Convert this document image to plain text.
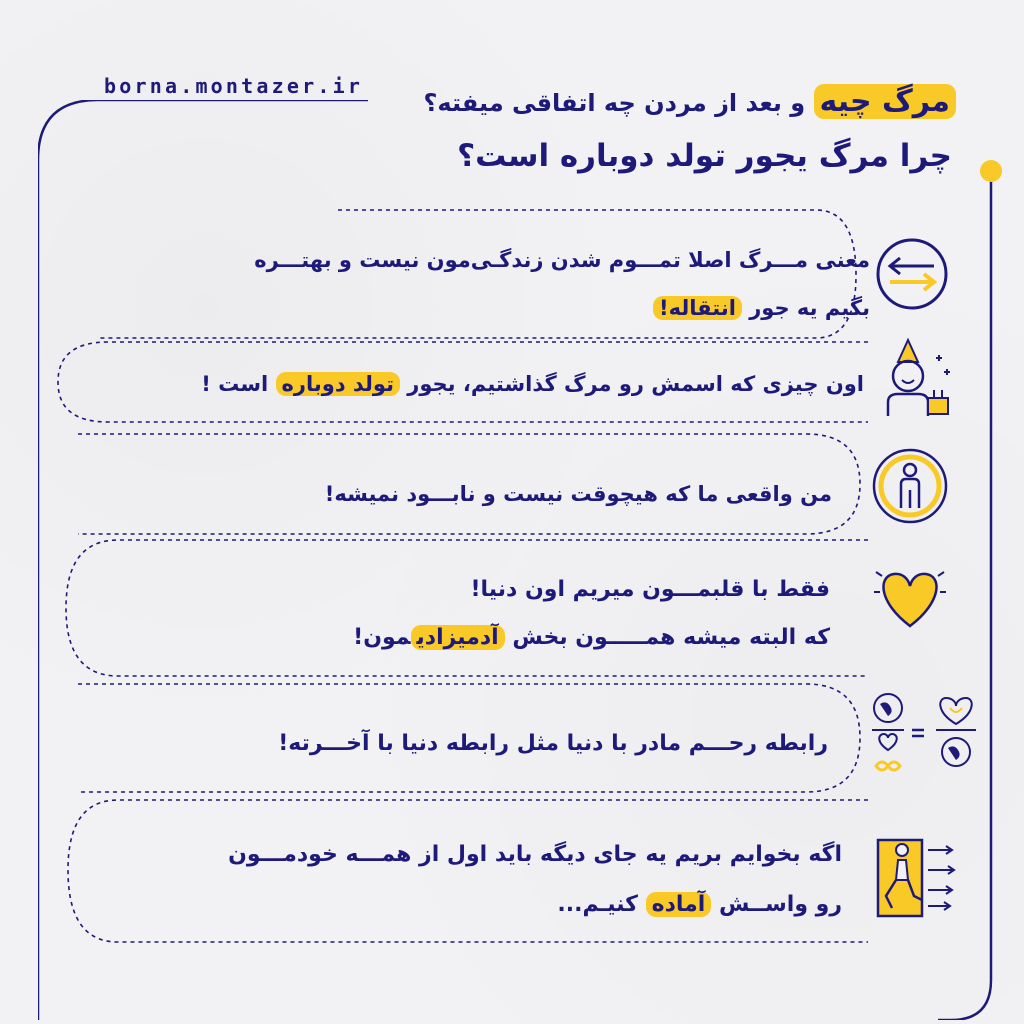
borna.montazer.ir	مرگ چیه و بعد از مردن چه اتفاقی میفته؟
چرا مرگ یجور تولد دوباره است؟
معنی مـــرگ اصلا تمـــوم شدن زندگـی‌مون نیست و بهتـــره
بگیم یه جور انتقاله!
اون چیزی که اسمش رو مرگ گذاشتیم، یجور تولد دوباره است !
من واقعی ما که هیچوقت نیست و نابـــود نمیشه!
فقط با قلبمـــون میریم اون دنیا!
که البته میشه همـــــون بخش آدمیزادیمون!
رابطه رحـــم مادر با دنیا مثل رابطه دنیا با آخـــرته!
اگه بخوایم بریم یه جای دیگه باید اول از همـــه خودمـــون
رو واســش آماده کنیـم...
